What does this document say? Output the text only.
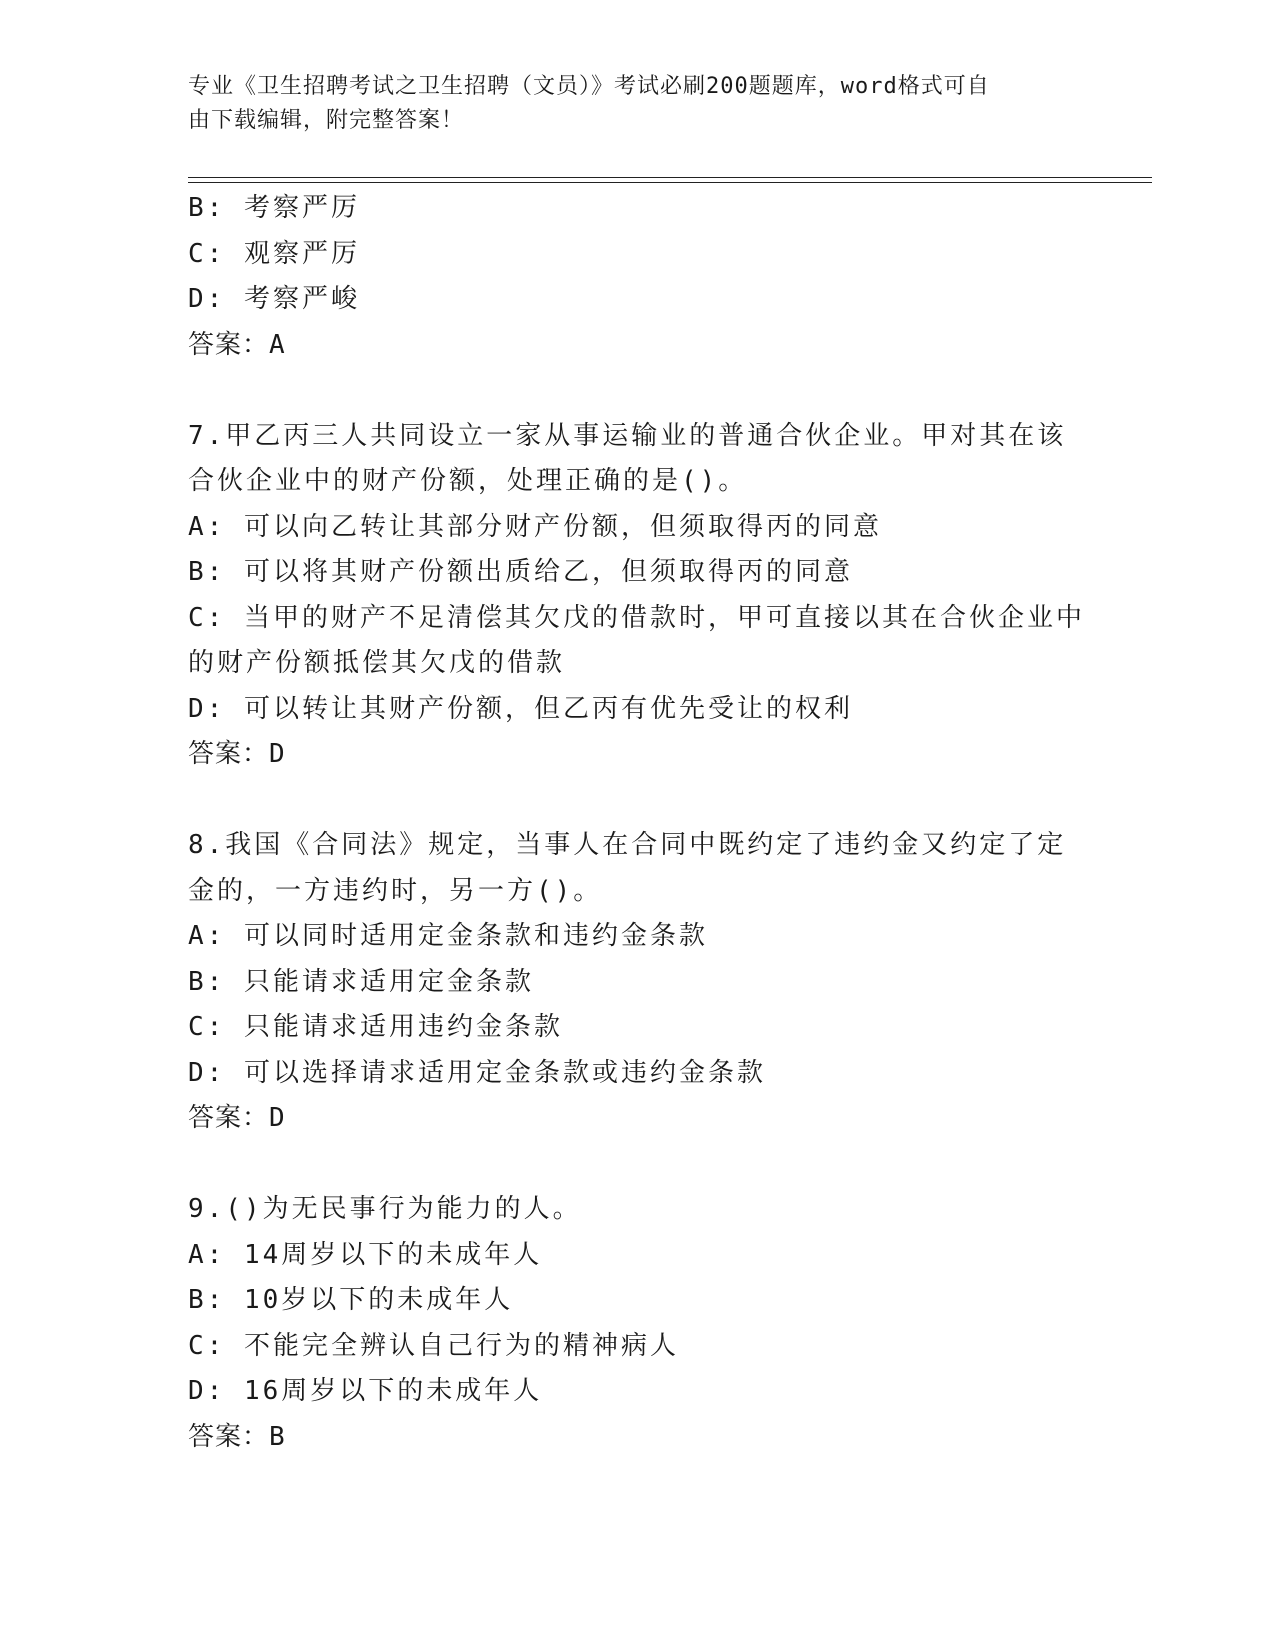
专业《卫生招聘考试之卫生招聘（文员）》考试必刷200题题库，word格式可自
由下载编辑，附完整答案！
B: 考察严厉
C: 观察严厉
D: 考察严峻
答案：A
7.甲乙丙三人共同设立一家从事运输业的普通合伙企业。甲对其在该
合伙企业中的财产份额，处理正确的是()。
A: 可以向乙转让其部分财产份额，但须取得丙的同意
B: 可以将其财产份额出质给乙，但须取得丙的同意
C: 当甲的财产不足清偿其欠戊的借款时，甲可直接以其在合伙企业中
的财产份额抵偿其欠戊的借款
D: 可以转让其财产份额，但乙丙有优先受让的权利
答案：D
8.我国《合同法》规定，当事人在合同中既约定了违约金又约定了定
金的，一方违约时，另一方()。
A: 可以同时适用定金条款和违约金条款
B: 只能请求适用定金条款
C: 只能请求适用违约金条款
D: 可以选择请求适用定金条款或违约金条款
答案：D
9.()为无民事行为能力的人。
A: 14周岁以下的未成年人
B: 10岁以下的未成年人
C: 不能完全辨认自己行为的精神病人
D: 16周岁以下的未成年人
答案：B
